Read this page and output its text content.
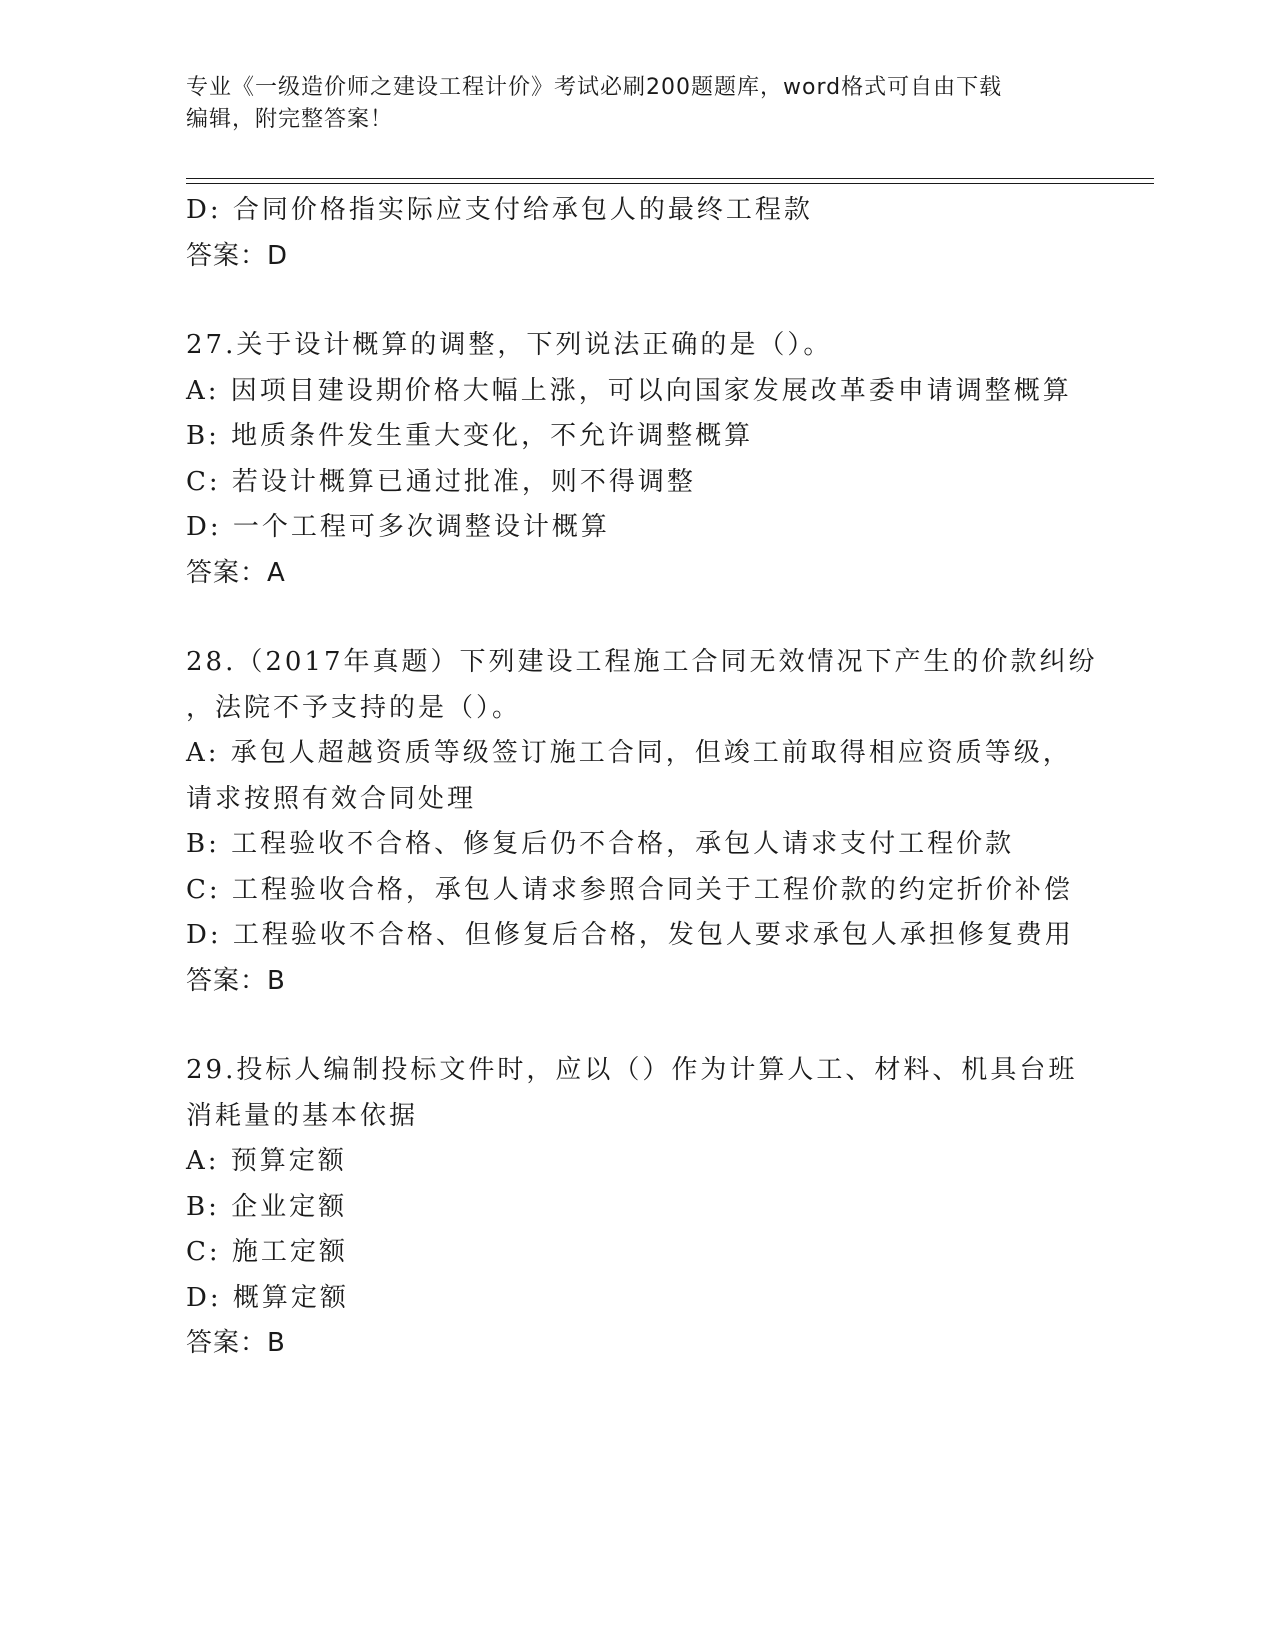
专业《一级造价师之建设工程计价》考试必刷200题题库，word格式可自由下载
编辑，附完整答案！
D: 合同价格指实际应支付给承包人的最终工程款
答案：D
27.关于设计概算的调整，下列说法正确的是（）。
A: 因项目建设期价格大幅上涨，可以向国家发展改革委申请调整概算
B: 地质条件发生重大变化，不允许调整概算
C: 若设计概算已通过批准，则不得调整
D: 一个工程可多次调整设计概算
答案：A
28.（2017年真题）下列建设工程施工合同无效情况下产生的价款纠纷
，法院不予支持的是（）。
A: 承包人超越资质等级签订施工合同，但竣工前取得相应资质等级，
请求按照有效合同处理
B: 工程验收不合格、修复后仍不合格，承包人请求支付工程价款
C: 工程验收合格，承包人请求参照合同关于工程价款的约定折价补偿
D: 工程验收不合格、但修复后合格，发包人要求承包人承担修复费用
答案：B
29.投标人编制投标文件时，应以（）作为计算人工、材料、机具台班
消耗量的基本依据
A: 预算定额
B: 企业定额
C: 施工定额
D: 概算定额
答案：B
